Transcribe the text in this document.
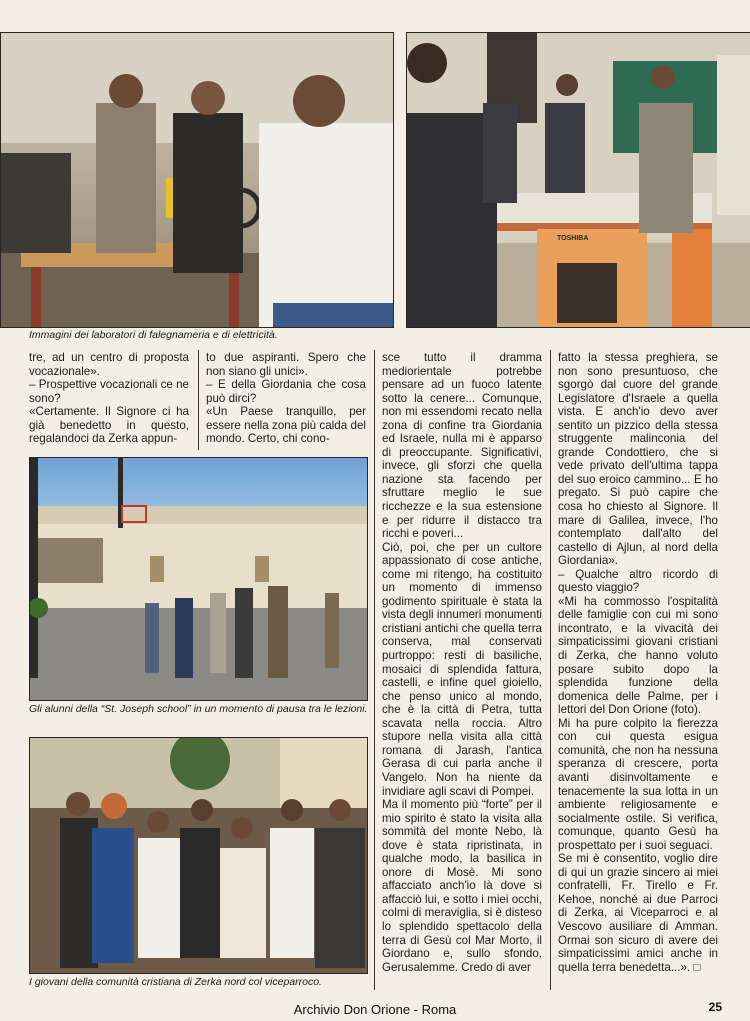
TOSHIBA
Immagini dei laboratori di falegnameria e di elettricità.
tre, ad un centro di proposta vocazionale».
– Prospettive vocazionali ce ne sono?
«Certamente. Il Signore ci ha già benedetto in questo, regalandoci da Zerka appun-
to due aspiranti. Spero che non siano gli unici».
– E della Giordania che cosa può dirci?
«Un Paese tranquillo, per essere nella zona più calda del mondo. Certo, chi cono-
Gli alunni della “St. Joseph school” in un momento di pausa tra le lezioni.
I giovani della comunità cristiana di Zerka nord col viceparroco.
sce tutto il dramma mediorientale potrebbe pensare ad un fuoco latente sotto la cenere... Comunque, non mi essendomi recato nella zona di confine tra Giordania ed Israele, nulla mi è apparso di preoccupante. Significativi, invece, gli sforzi che quella nazione sta facendo per sfruttare meglio le sue ricchezze e la sua estensione e per ridurre il distacco tra ricchi e poveri...
Ciò, poi, che per un cultore appassionato di cose antiche, come mi ritengo, ha costituito un momento di immenso godimento spirituale è stata la vista degli innumeri monumenti cristiani antichi che quella terra conserva, mal conservati purtroppo: resti di basiliche, mosaici di splendida fattura, castelli, e infine quel gioiello, che penso unico al mondo, che è la città di Petra, tutta scavata nella roccia. Altro stupore nella visita alla città romana di Jarash, l'antica Gerasa di cui parla anche il Vangelo. Non ha niente da invidiare agli scavi di Pompei.
Ma il momento più “forte” per il mio spirito è stato la visita alla sommità del monte Nebo, là dove è stata ripristinata, in qualche modo, la basilica in onore di Mosè. Mi sono affacciato anch'io là dove si affacciò lui, e sotto i miei occhi, colmi di meraviglia, si è disteso lo splendido spettacolo della terra di Gesù col Mar Morto, il Giordano e, sullo sfondo, Gerusalemme. Credo di aver
fatto la stessa preghiera, se non sono presuntuoso, che sgorgò dal cuore del grande Legislatore d'Israele a quella vista. E anch'io devo aver sentito un pizzico della stessa struggente malinconia del grande Condottiero, che si vede privato dell'ultima tappa del suo eroico cammino... E ho pregato. Si può capire che cosa ho chiesto al Signore. Il mare di Galilea, invece, l'ho contemplato dall'alto del castello di Ajlun, al nord della Giordania».
– Qualche altro ricordo di questo viaggio?
«Mi ha commosso l'ospitalità delle famiglie con cui mi sono incontrato, e la vivacità dei simpaticissimi giovani cristiani di Zerka, che hanno voluto posare subito dopo la splendida funzione della domenica delle Palme, per i lettori del Don Orione (foto).
Mi ha pure colpito la fierezza con cui questa esigua comunità, che non ha nessuna speranza di crescere, porta avanti disinvoltamente e tenacemente la sua lotta in un ambiente religiosamente e socialmente ostile. Si verifica, comunque, quanto Gesù ha prospettato per i suoi seguaci.
Se mi è consentito, voglio dire di qui un grazie sincero ai miei confratelli, Fr. Tirello e Fr. Kehoe, nonché ai due Parroci di Zerka, ai Viceparroci e al Vescovo ausiliare di Amman. Ormai son sicuro di avere dei simpaticissimi amici anche in quella terra benedetta...». □
Archivio Don Orione - Roma	25
